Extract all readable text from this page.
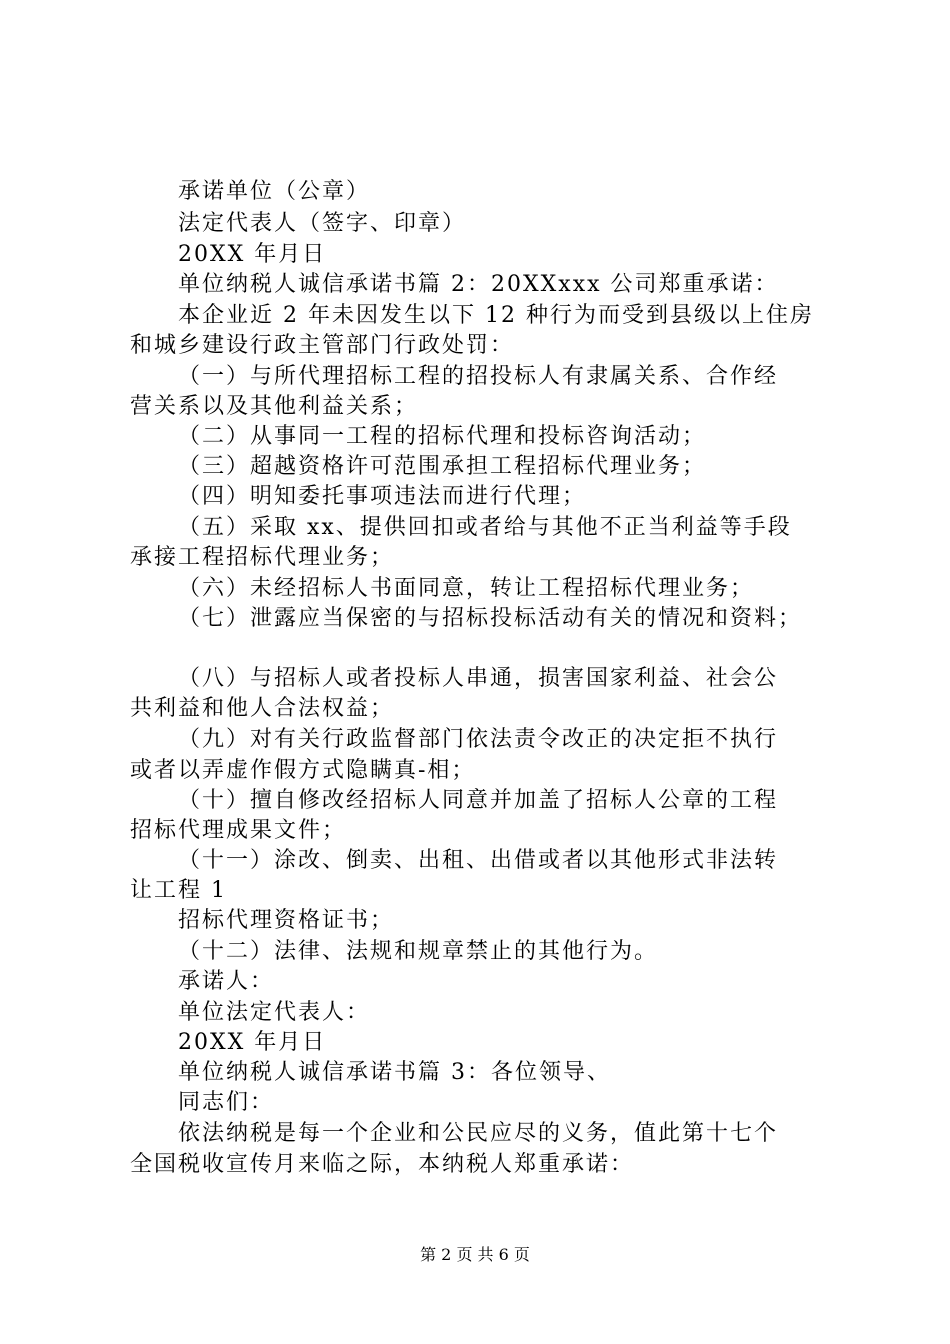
承诺单位（公章）
法定代表人（签字、印章）
20XX 年月日
单位纳税人诚信承诺书篇 2：20XXxxx 公司郑重承诺：
本企业近 2 年未因发生以下 12 种行为而受到县级以上住房
和城乡建设行政主管部门行政处罚：
（一）与所代理招标工程的招投标人有隶属关系、合作经
营关系以及其他利益关系；
（二）从事同一工程的招标代理和投标咨询活动；
（三）超越资格许可范围承担工程招标代理业务；
（四）明知委托事项违法而进行代理；
（五）采取 xx、提供回扣或者给与其他不正当利益等手段
承接工程招标代理业务；
（六）未经招标人书面同意，转让工程招标代理业务；
（七）泄露应当保密的与招标投标活动有关的情况和资料；
（八）与招标人或者投标人串通，损害国家利益、社会公
共利益和他人合法权益；
（九）对有关行政监督部门依法责令改正的决定拒不执行
或者以弄虚作假方式隐瞒真-相；
（十）擅自修改经招标人同意并加盖了招标人公章的工程
招标代理成果文件；
（十一）涂改、倒卖、出租、出借或者以其他形式非法转
让工程 1
招标代理资格证书；
（十二）法律、法规和规章禁止的其他行为。
承诺人：
单位法定代表人：
20XX 年月日
单位纳税人诚信承诺书篇 3：各位领导、
同志们：
依法纳税是每一个企业和公民应尽的义务，值此第十七个
全国税收宣传月来临之际，本纳税人郑重承诺：
第 2 页 共 6 页
